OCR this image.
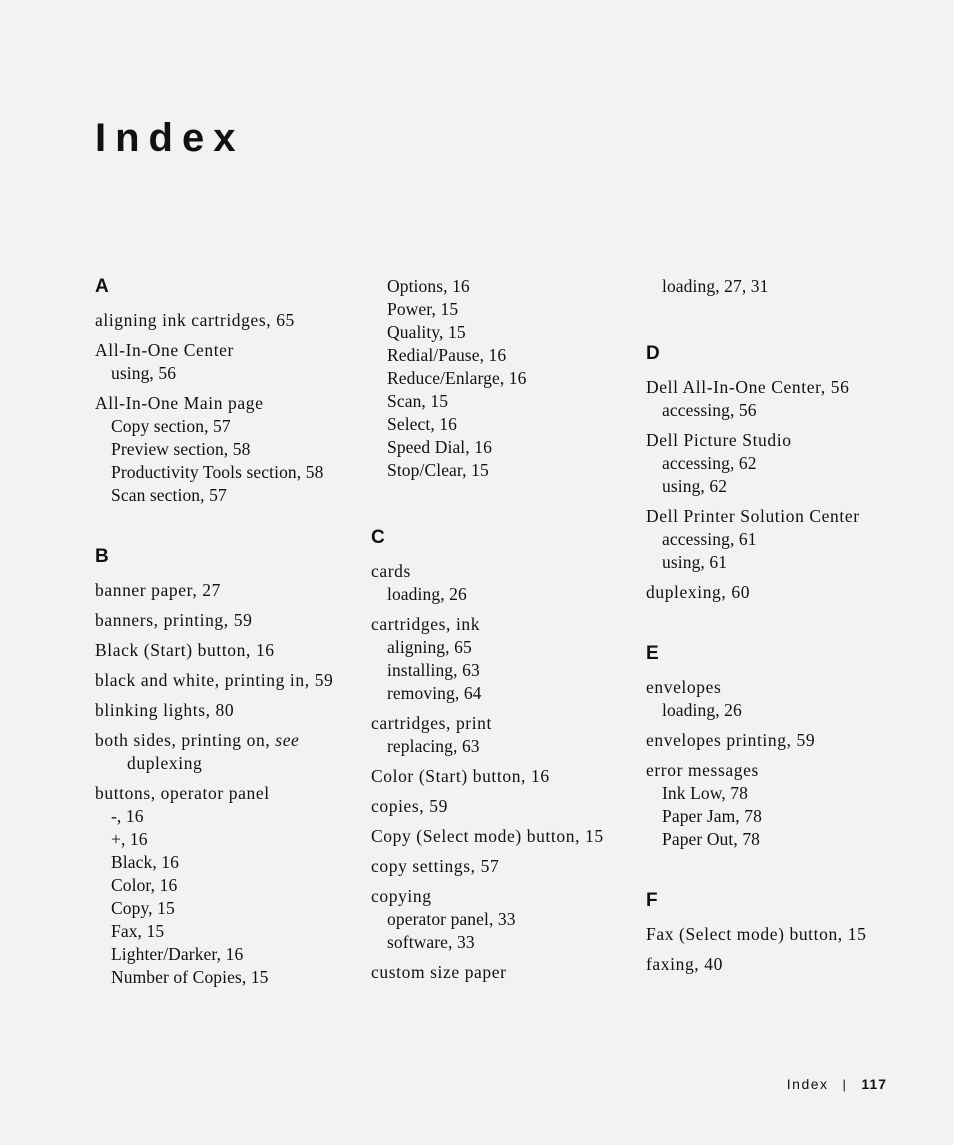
Index
A
aligning ink cartridges, 65
All-In-One Center
using, 56
All-In-One Main page
Copy section, 57
Preview section, 58
Productivity Tools section, 58
Scan section, 57
B
banner paper, 27
banners, printing, 59
Black (Start) button, 16
black and white, printing in, 59
blinking lights, 80
both sides, printing on, see duplexing
buttons, operator panel
-, 16
+, 16
Black, 16
Color, 16
Copy, 15
Fax, 15
Lighter/Darker, 16
Number of Copies, 15
Options, 16
Power, 15
Quality, 15
Redial/Pause, 16
Reduce/Enlarge, 16
Scan, 15
Select, 16
Speed Dial, 16
Stop/Clear, 15
C
cards
loading, 26
cartridges, ink
aligning, 65
installing, 63
removing, 64
cartridges, print
replacing, 63
Color (Start) button, 16
copies, 59
Copy (Select mode) button, 15
copy settings, 57
copying
operator panel, 33
software, 33
custom size paper
loading, 27, 31
D
Dell All-In-One Center, 56
accessing, 56
Dell Picture Studio
accessing, 62
using, 62
Dell Printer Solution Center
accessing, 61
using, 61
duplexing, 60
E
envelopes
loading, 26
envelopes printing, 59
error messages
Ink Low, 78
Paper Jam, 78
Paper Out, 78
F
Fax (Select mode) button, 15
faxing, 40
Index | 117
